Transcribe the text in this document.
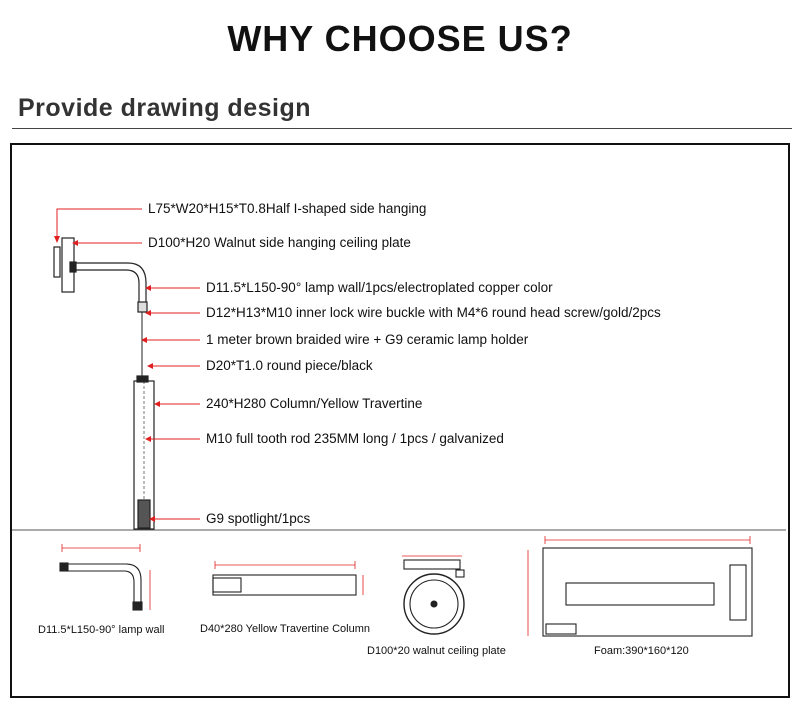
WHY CHOOSE US?
Provide drawing design
L75*W20*H15*T0.8Half I-shaped side hanging
D100*H20 Walnut side hanging ceiling plate
D11.5*L150-90° lamp wall/1pcs/electroplated copper color
D12*H13*M10 inner lock wire buckle with M4*6 round head screw/gold/2pcs
1 meter brown braided wire + G9 ceramic lamp holder
D20*T1.0 round piece/black
240*H280 Column/Yellow Travertine
M10 full tooth rod 235MM long / 1pcs / galvanized
G9 spotlight/1pcs
D11.5*L150-90° lamp wall	D40*280 Yellow Travertine Column
D100*20 walnut ceiling plate	Foam:390*160*120
